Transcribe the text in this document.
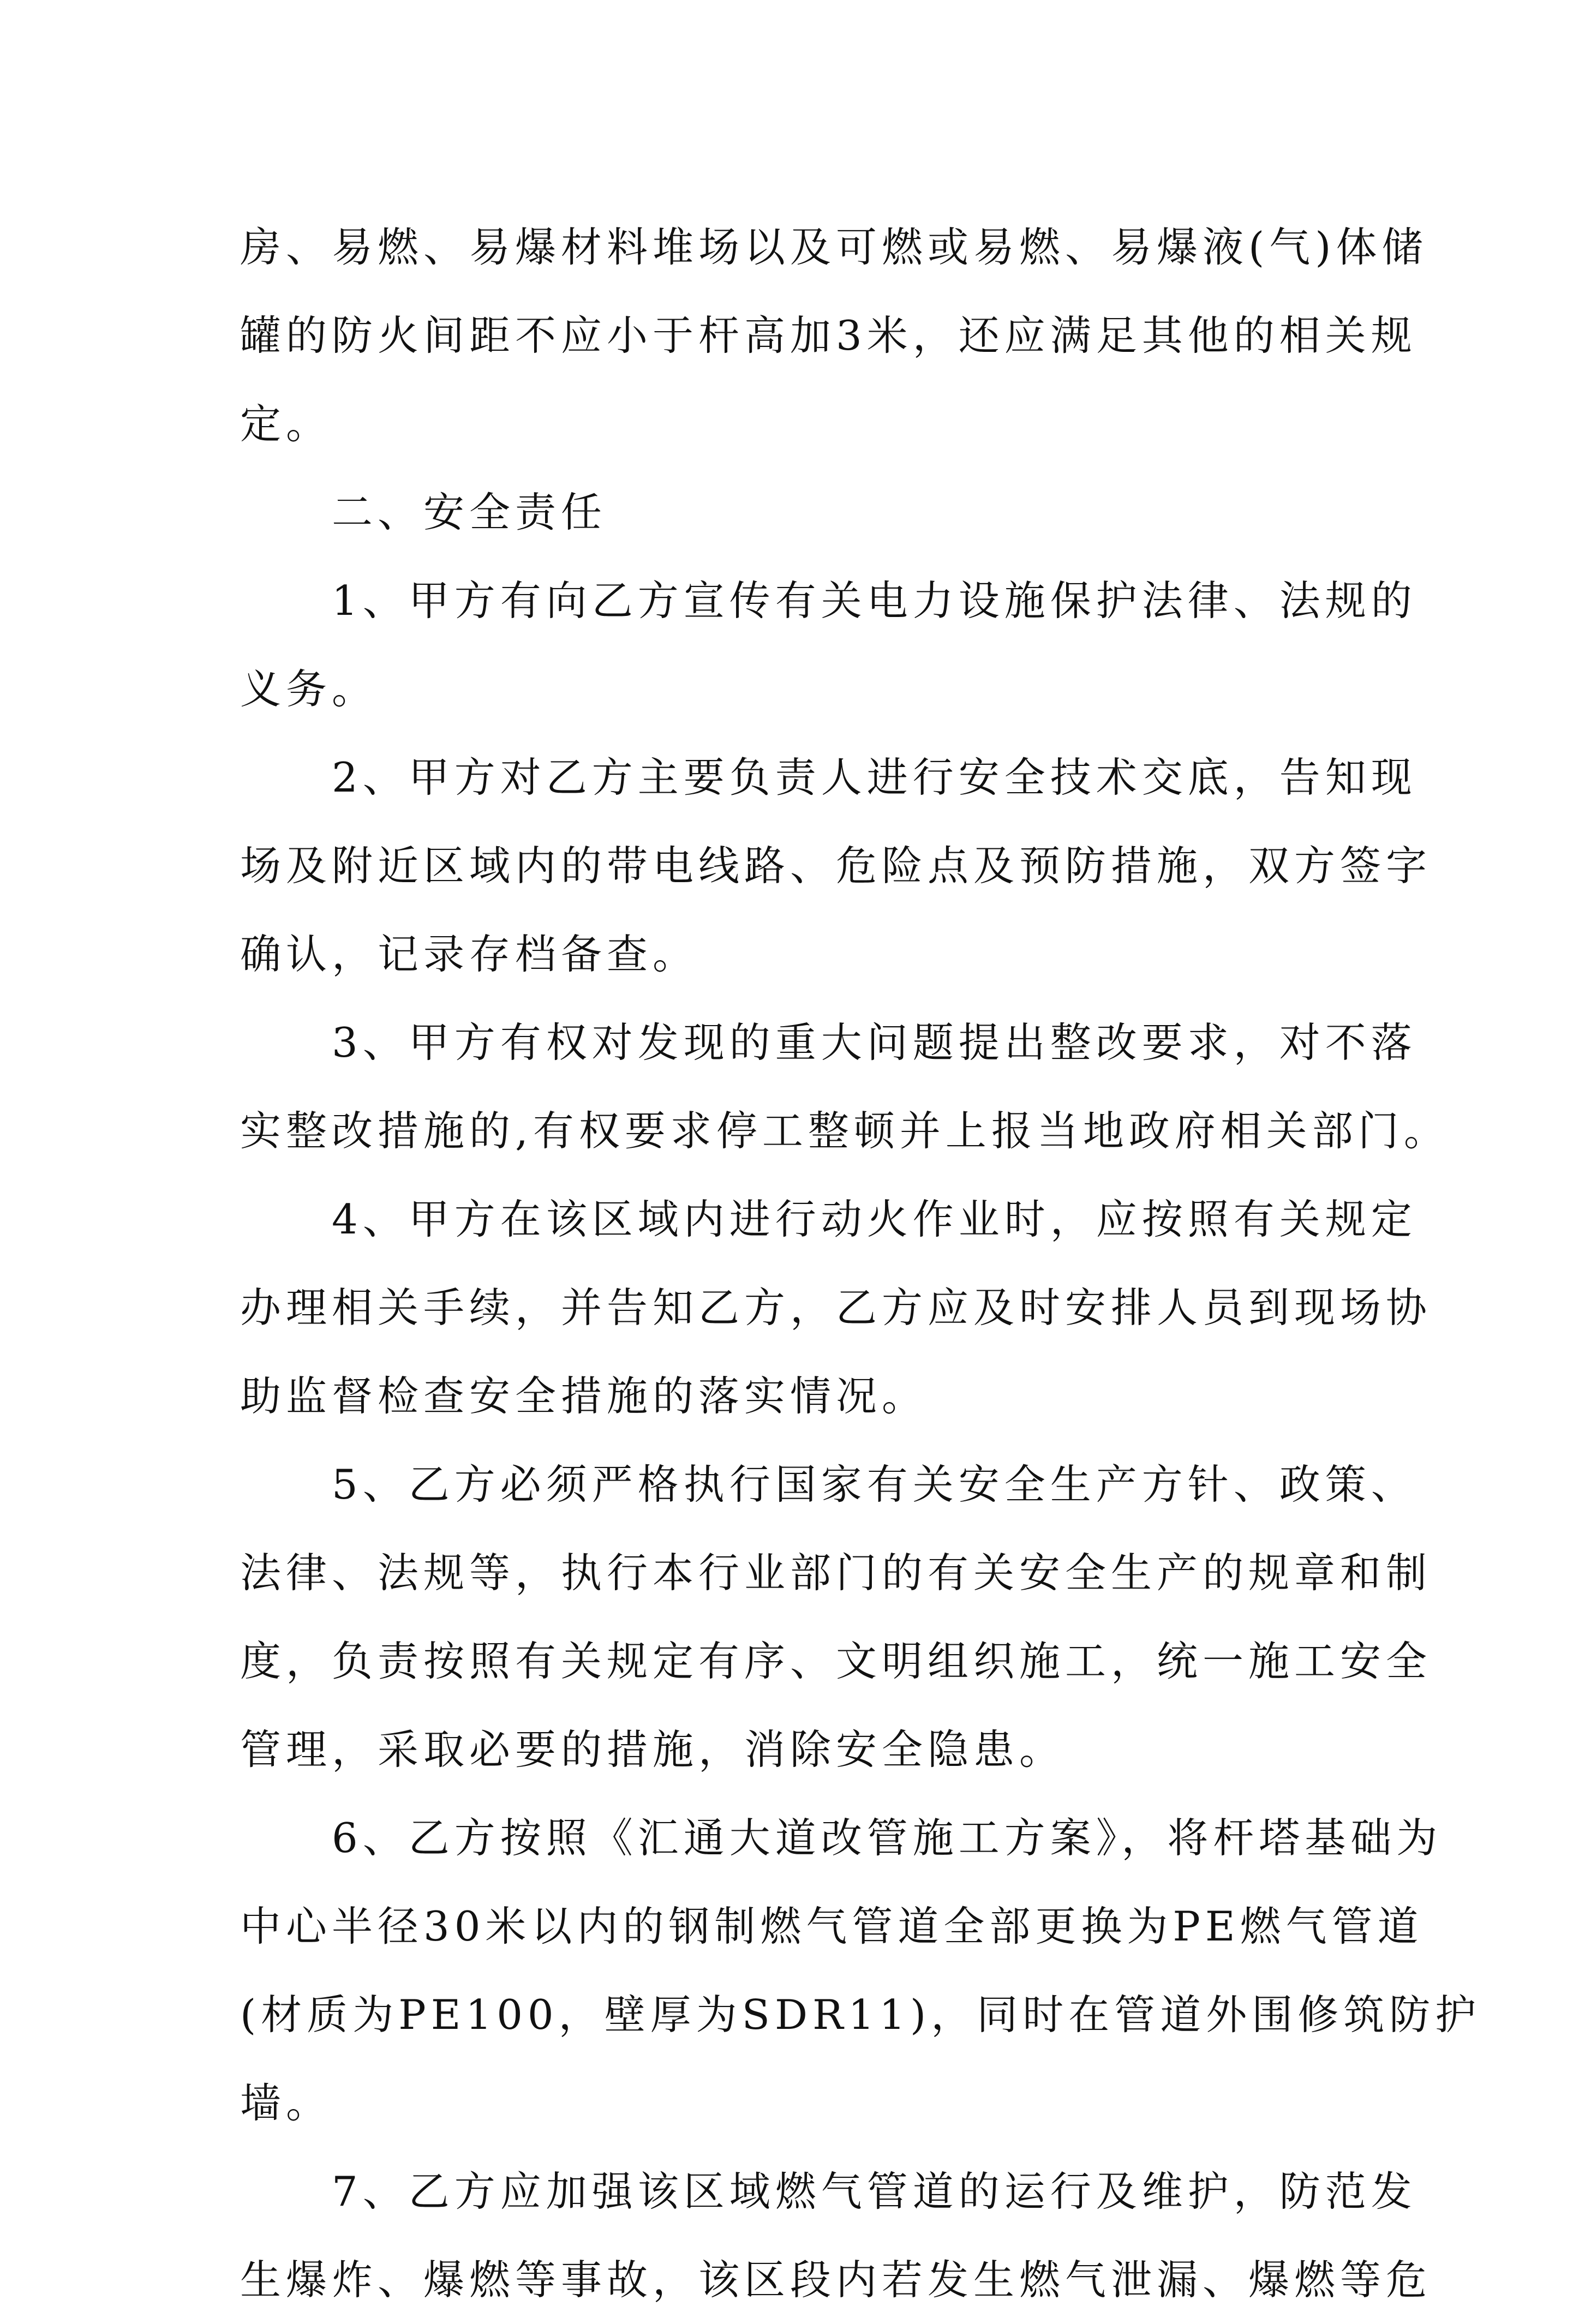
房、易燃、易爆材料堆场以及可燃或易燃、易爆液(气)体储
罐的防火间距不应小于杆高加3米，还应满足其他的相关规
定。
　　二、安全责任
　　1、甲方有向乙方宣传有关电力设施保护法律、法规的
义务。
　　2、甲方对乙方主要负责人进行安全技术交底，告知现
场及附近区域内的带电线路、危险点及预防措施，双方签字
确认，记录存档备查。
　　3、甲方有权对发现的重大问题提出整改要求，对不落
实整改措施的,有权要求停工整顿并上报当地政府相关部门。
　　4、甲方在该区域内进行动火作业时，应按照有关规定
办理相关手续，并告知乙方，乙方应及时安排人员到现场协
助监督检查安全措施的落实情况。
　　5、乙方必须严格执行国家有关安全生产方针、政策、
法律、法规等，执行本行业部门的有关安全生产的规章和制
度，负责按照有关规定有序、文明组织施工，统一施工安全
管理，采取必要的措施，消除安全隐患。
　　6、乙方按照《汇通大道改管施工方案》，将杆塔基础为
中心半径30米以内的钢制燃气管道全部更换为PE燃气管道
(材质为PE100，壁厚为SDR11)，同时在管道外围修筑防护
墙。
　　7、乙方应加强该区域燃气管道的运行及维护，防范发
生爆炸、爆燃等事故，该区段内若发生燃气泄漏、爆燃等危
